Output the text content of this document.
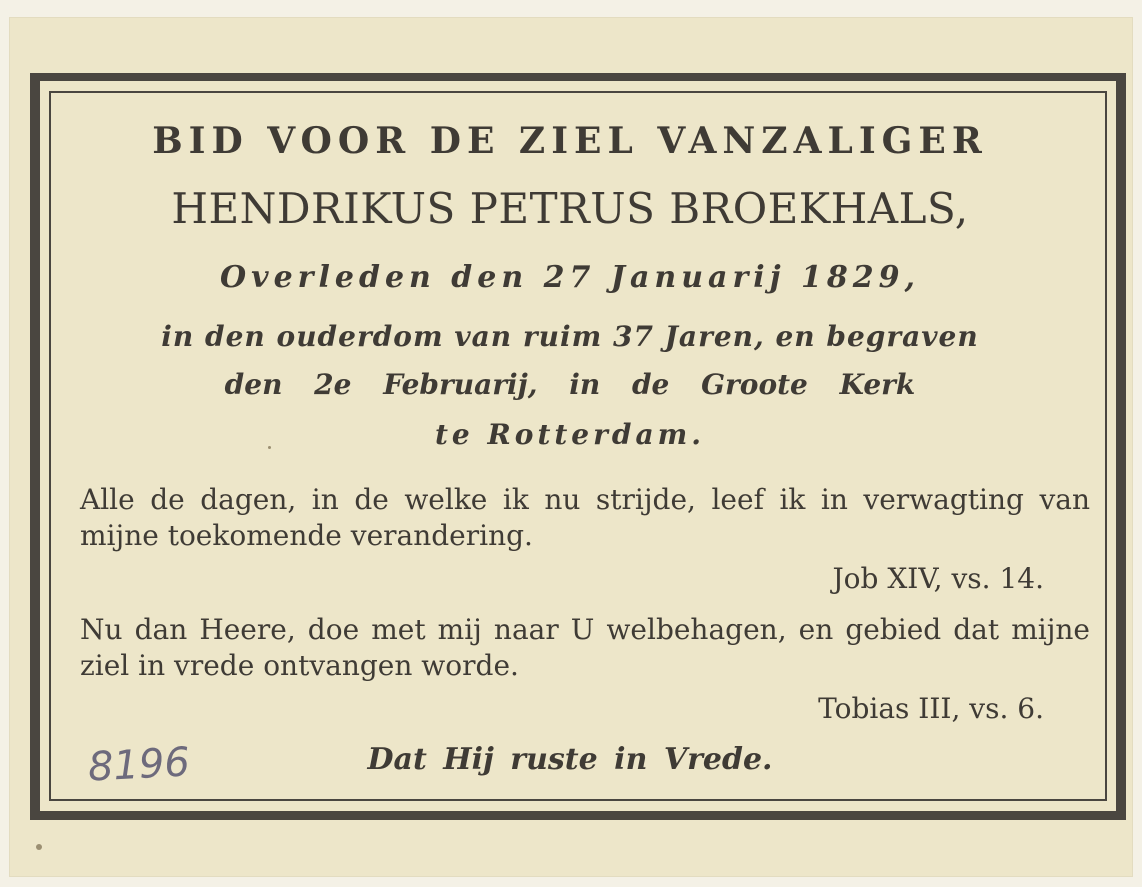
BID VOOR DE ZIEL VANZALIGER
HENDRIKUS PETRUS BROEKHALS,
Overleden den 27 Januarij 1829,
in den ouderdom van ruim 37 Jaren, en begraven
den 2e Februarij, in de Groote Kerk
te Rotterdam.
Alle de dagen, in de welke ik nu strijde, leef ik in verwagting van mijne toekomende verandering.
Job XIV, vs. 14.
Nu dan Heere, doe met mij naar U welbehagen, en gebied dat mijne ziel in vrede ontvangen worde.
Tobias III, vs. 6.
Dat Hij ruste in Vrede.
8196
